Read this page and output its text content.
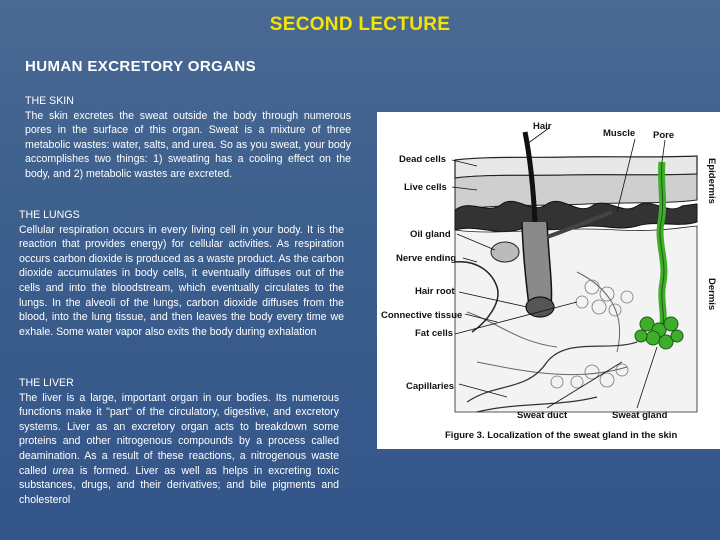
SECOND LECTURE
HUMAN EXCRETORY ORGANS
THE SKIN
The skin excretes the sweat outside the body through numerous pores in the surface of this organ. Sweat is a mixture of three metabolic wastes: water, salts, and urea. So as you sweat, your body accomplishes two things: 1) sweating has a cooling effect on the body, and 2) metabolic wastes are excreted.
THE LUNGS
Cellular respiration occurs in every living cell in your body. It is the reaction that provides energy) for cellular activities. As respiration occurs carbon dioxide is produced as a waste product. As the carbon dioxide accumulates in body cells, it eventually diffuses out of the cells and into the bloodstream, which eventually circulates to the lungs. In the alveoli of the lungs, carbon dioxide diffuses from the blood, into the lung tissue, and then leaves the body every time we exhale. Some water vapor also exits the body during exhalation
THE LIVER
The liver is a large, important organ in our bodies. Its numerous functions make it "part" of the circulatory, digestive, and excretory systems. Liver as an excretory organ acts to breakdown some proteins and other nitrogenous compounds by a process called deamination. As a result of these reactions, a nitrogenous waste called urea is formed. Liver as well as helps in excreting toxic substances, drugs, and their derivatives; and bile pigments and cholesterol
Hair
Muscle Pore
Dead cells
Live cells
Oil gland
Nerve ending
Hair root
Connective tissue
Fat cells
Capillaries
Sweat duct	Sweat gland
Epidermis
Dermis
Figure 3. Localization of the sweat gland in the skin
